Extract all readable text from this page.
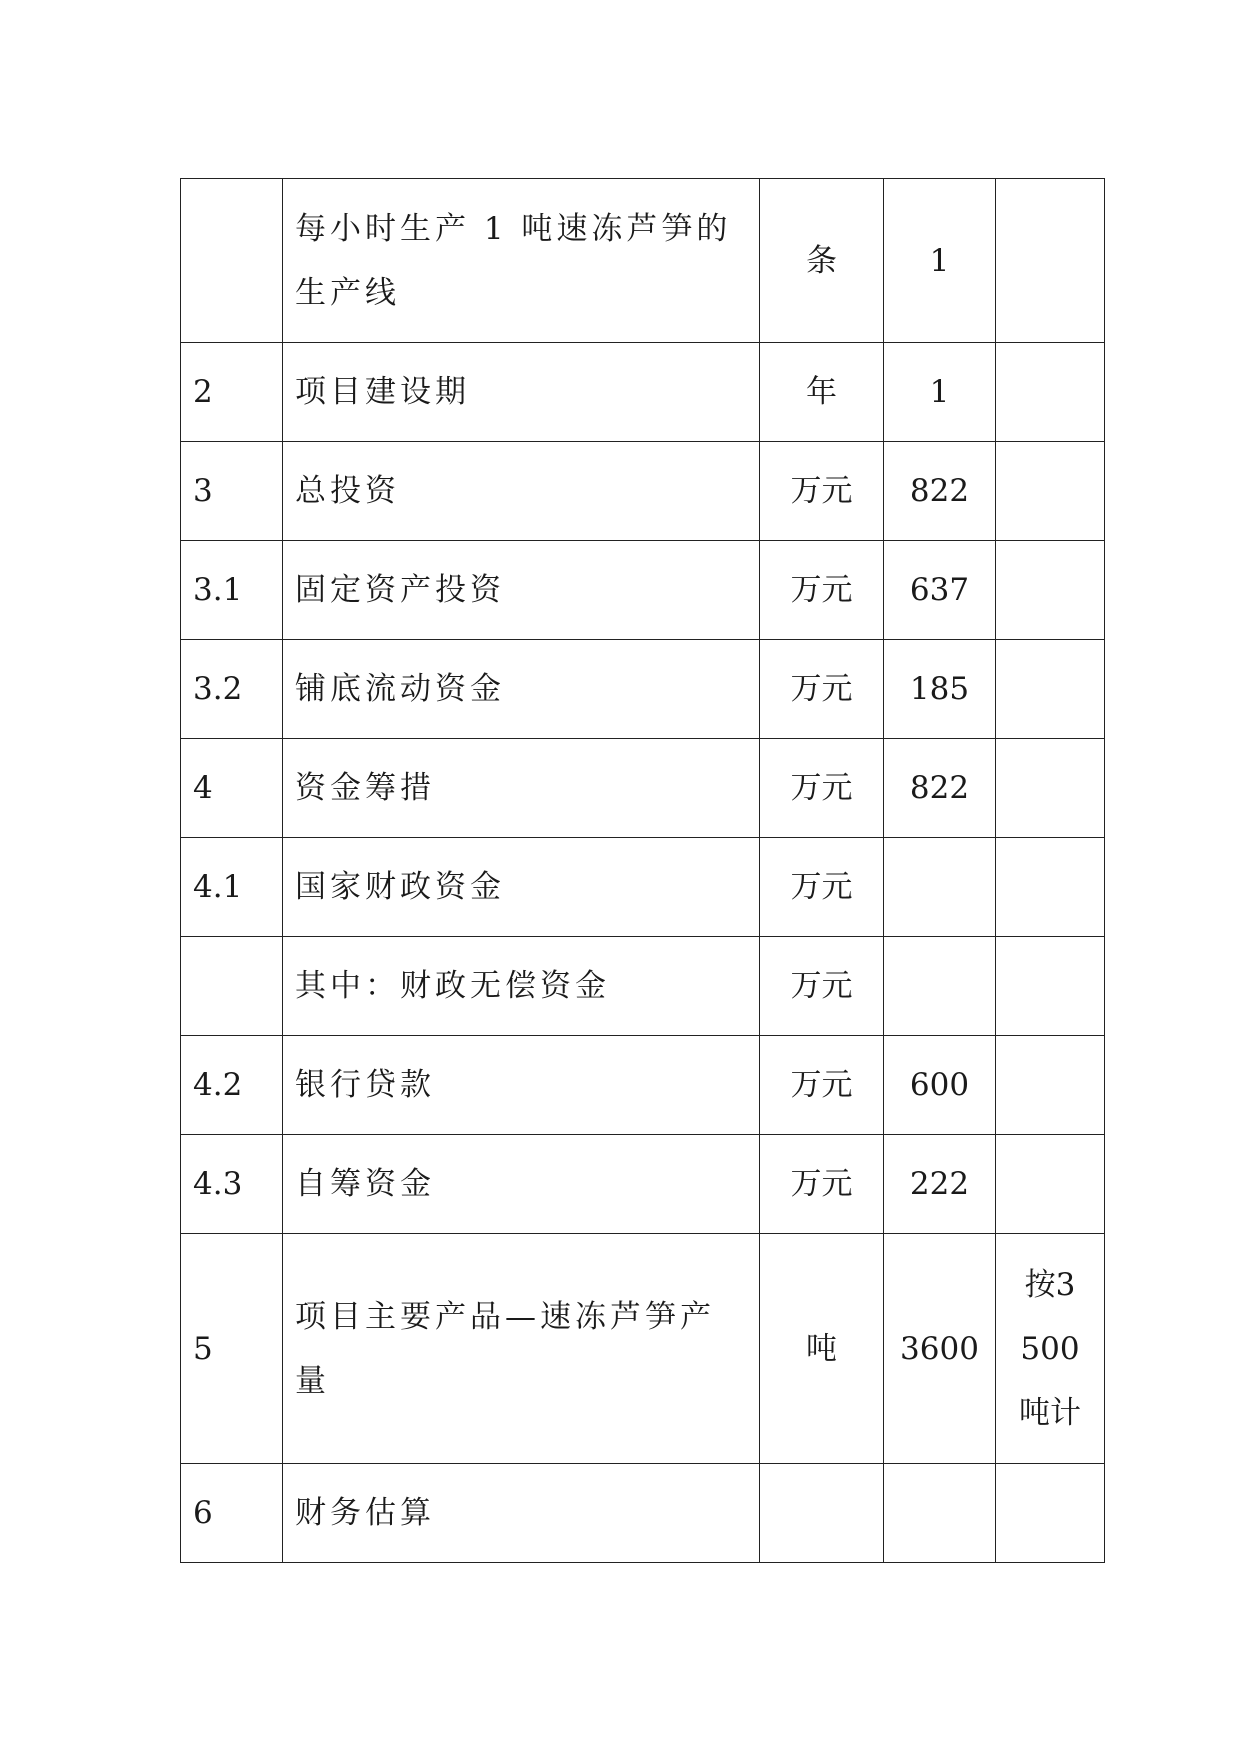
	每小时生产 1 吨速冻芦笋的生产线	条	1	
2	项目建设期	年	1	
3	总投资	万元	822	
3.1	固定资产投资	万元	637	
3.2	铺底流动资金	万元	185	
4	资金筹措	万元	822	
4.1	国家财政资金	万元		

	其中：财政无偿资金	万元		
4.2	银行贷款	万元	600	
4.3	自筹资金	万元	222	
5	项目主要产品—速冻芦笋产量	吨	3600	按3500吨计
6	财务估算			
